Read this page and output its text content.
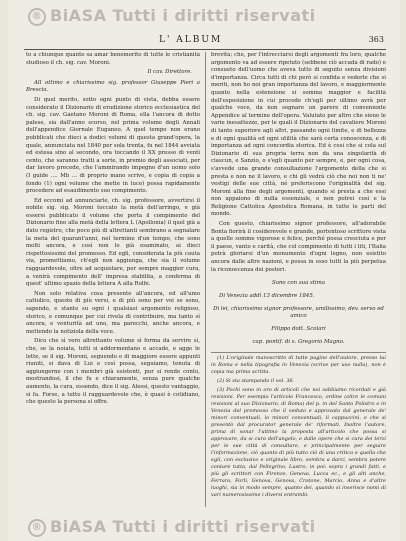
® BiASA Tutti i diritti riservati
L' ALBUM	363

to a chiunque quanto sa amar benemerito di tutte le cristianità studioso il ch. sig. cav. Moroni.

Il cav. Direttore.

All ottimo e chiarissimo sig. professor Giuseppe Pieri a Brescia.

Di quel merito, sotto ogni punto di vista, debba essere considerato il Dizionario di erudizione storico ecclesiastica del ch. sig. cav. Gaetano Moroni di Roma, ella l'ancora di dotto palese, sia dall'anno scorso, nel prima volume degli Annali dell'appendice Giornale Euganeo. A quel tempo non erano pubblicati che dieci a dodici volumi di questa grand'opera, la quale, annunciata nel 1840 per sola trenta, fu nel 1844 avviata ed estesa sino al secondo, ora toccando il XX presso di venti cento, che saranno tratti a sorte, in premio degli associati, per dar lavoro precede, che l'ammirando impegno d'un uomo solo (I guide .... Mb ... di proprio mano scrive, e copia di copia a fondo (1) ogni volume che mette in luce) possa rapidamente procedere ad esaudimento suo compimento.

Ed eccomi ad annunciarle, ch. sig. professore, avvertirsi il nobile sig. sig. Moroni toccato la metà dell'arringo, e già essersi pubblicato il volume che porta il compimento del Dizionario fino alla metà della lettera L (Apollonia) il quel già a dato registro, che poco più di altrettanti sembrano a segnalare la meta del quarant'anni, nel termine d'un tempo, che sono molti ancora, e così non lo già esaminato, ai dieci rispettosissimi del promesso. Ed egli, considerata la più cauta via, promettiamo, ch'egli non aggiunga, che sia il volume ragguardevole, oltre ad acquistare, per sempre maggior cura, a venirà compimento dell' impresa stabilita, a conferma di quest' ultimo spazio della lettera A alla Rolfe.

Non solo relativa cosa presente all'ancora, ed all'umo cattolico, questo di più versi, e di più sono per voi se sono, sapendo, e stante su ogni i qualsiasi argomento religioso, storico, e comunque per cui rivela di contribuire, ma tanto sì ancora, e venturità ad uno, ma parecchi, anche ancora, e mettendo la notiziola della voce.

Dico che sì vero altrettanto volume sì forma da servire sì, che, se la noiata, tutti si addormentano e accade, e agge le lette, se il sig. Moroni, seguendo e di maggiore essere appunti riuniti, si dava di Lui e così possa, seguiamo, tenuta di aggiungerne con i membri già esistenti, pur si rende conto, mostrandosi, il che fu e chiaramente, senza pure qualche aumento, la cura, essendo, dice il sig. Alessi, questo vantaggio, si fa. Forse, a tutto il ragguardevole che, è quasi è cotidiano, che questo la persona si offre.

brevità; che, per l'intrecciarsi degli argomenti fra loro, qualche argomento va ad essere ripetuto (sebbene ciò accada di rado) e consueto dell'uomo che aveva tutto di seguito senza divisioni d'importanza. Circa tutti di chi però si confida e vederle che si meriti, non ho noi gran importanza del lavoro, e maggiormente quanto nella estensione si somma maggior e facilità dell'esposizione in cui procede ch'egli per ultimo avrà per qualche voce, da non sognare un parere di conveniente Appendice al termine dell'opera. Valutato per altro che sieno le varie inesattezze, per le quali il Dizionario del cavaliere Moroni di tanto superiore agli altri, passando ogni limite, e di bellezza e di ogni qualità ed ogni utilità che sarà certa conoscenza, e di importanza ad ogni concordia storica. Ed è cosi che si cola sul Dizionario di sua propria terra non da una singolarità di ciascun, e Sanzio, o s'egli quanto per sempre, e, per ogni cosa, s'avvede una grande consultazione l'argomento della che si presta e non ne il lavoro, e chi gli vedrà ciò che noi non ti ne' vestigi delle sue città, né preferiscono l'originalità del sig. Moroni alla fine degli argomenti, quando si presta a che essi non appaiono di nulla essenziale, e non potrei così e la Religione Cattolica Apostolica Romana, in tutte le parti del mondo.

Con questo, chiarissimo signor professore, all'adorabile Bonta fiorirà il cosiderevole e grande, portentoso scrittore vista a quelle somme vigorose e felice, perché possa cresciuta e per il paese, vanto e carità, che col compimento di tutti i liti, l'Italia potrà gloriarsi d'un monumento d'ogni legno, non esistito ancora dalle altre nazioni, e possa in esso tutti la più perpetua la riconoscenza dei posteri.

Sono con sua stima

Di Venezia addì 13 dicembre 1845.

Di lei, chiarissimo signor professore, umilissimo, dev. servo ed amico

Filippo dott. Scolari

cap. pontif. di s. Gregorio Magno.

(1) L'originale manoscritto di tutte pagine dell'autore, presso lui in Roma e nella tipografia in Venezia (scrive per uso nulla), non è copia ma prima scritta.

(2) Si sta stampando il vol. 36.

(3) Pochi sono in oro di articoli che noi sabbiamo ricordati e già revisioni. Per esempio l'articolo Francesco, ordine (oltre le comuni revisioni al suo Dizionario, di Roma) del p. in del Santo Polistro e in Venezia del promosso che il veduto e approvato dal generale de' minori conventuali, lo minori conventuali, li cappuccini, e che si presentò dal procurator generale de' riformati. Inoltre l'autore, prima di sonar l'ultimo la proposta all'articolo che possa si approvare, da si cura dell'angelo, e dalle opere che si cura dei terzi per le sue città di consultare, e principalmente per seguire l'informazione, ciò quanto di più tutto ciò di una critica e quella che egli, con esclusivo e originale libro, sembra a darci, sembra potere contare tutta, dal Pellegrino, Lustro, in poi: sopra i grandi fatti, e più gli scrittori con Firenze, Genova, Lucca ec., e gli alti anche, Ferrara, Forlì, Genova, Genova, Crotone, Marcio, Anna e d'altre luoghi, sia in modo sempre, quanto dei, quando si inserisce nomi di vari numerosissime i diversi entrambi.

® BiASA Tutti i diritti riservati
